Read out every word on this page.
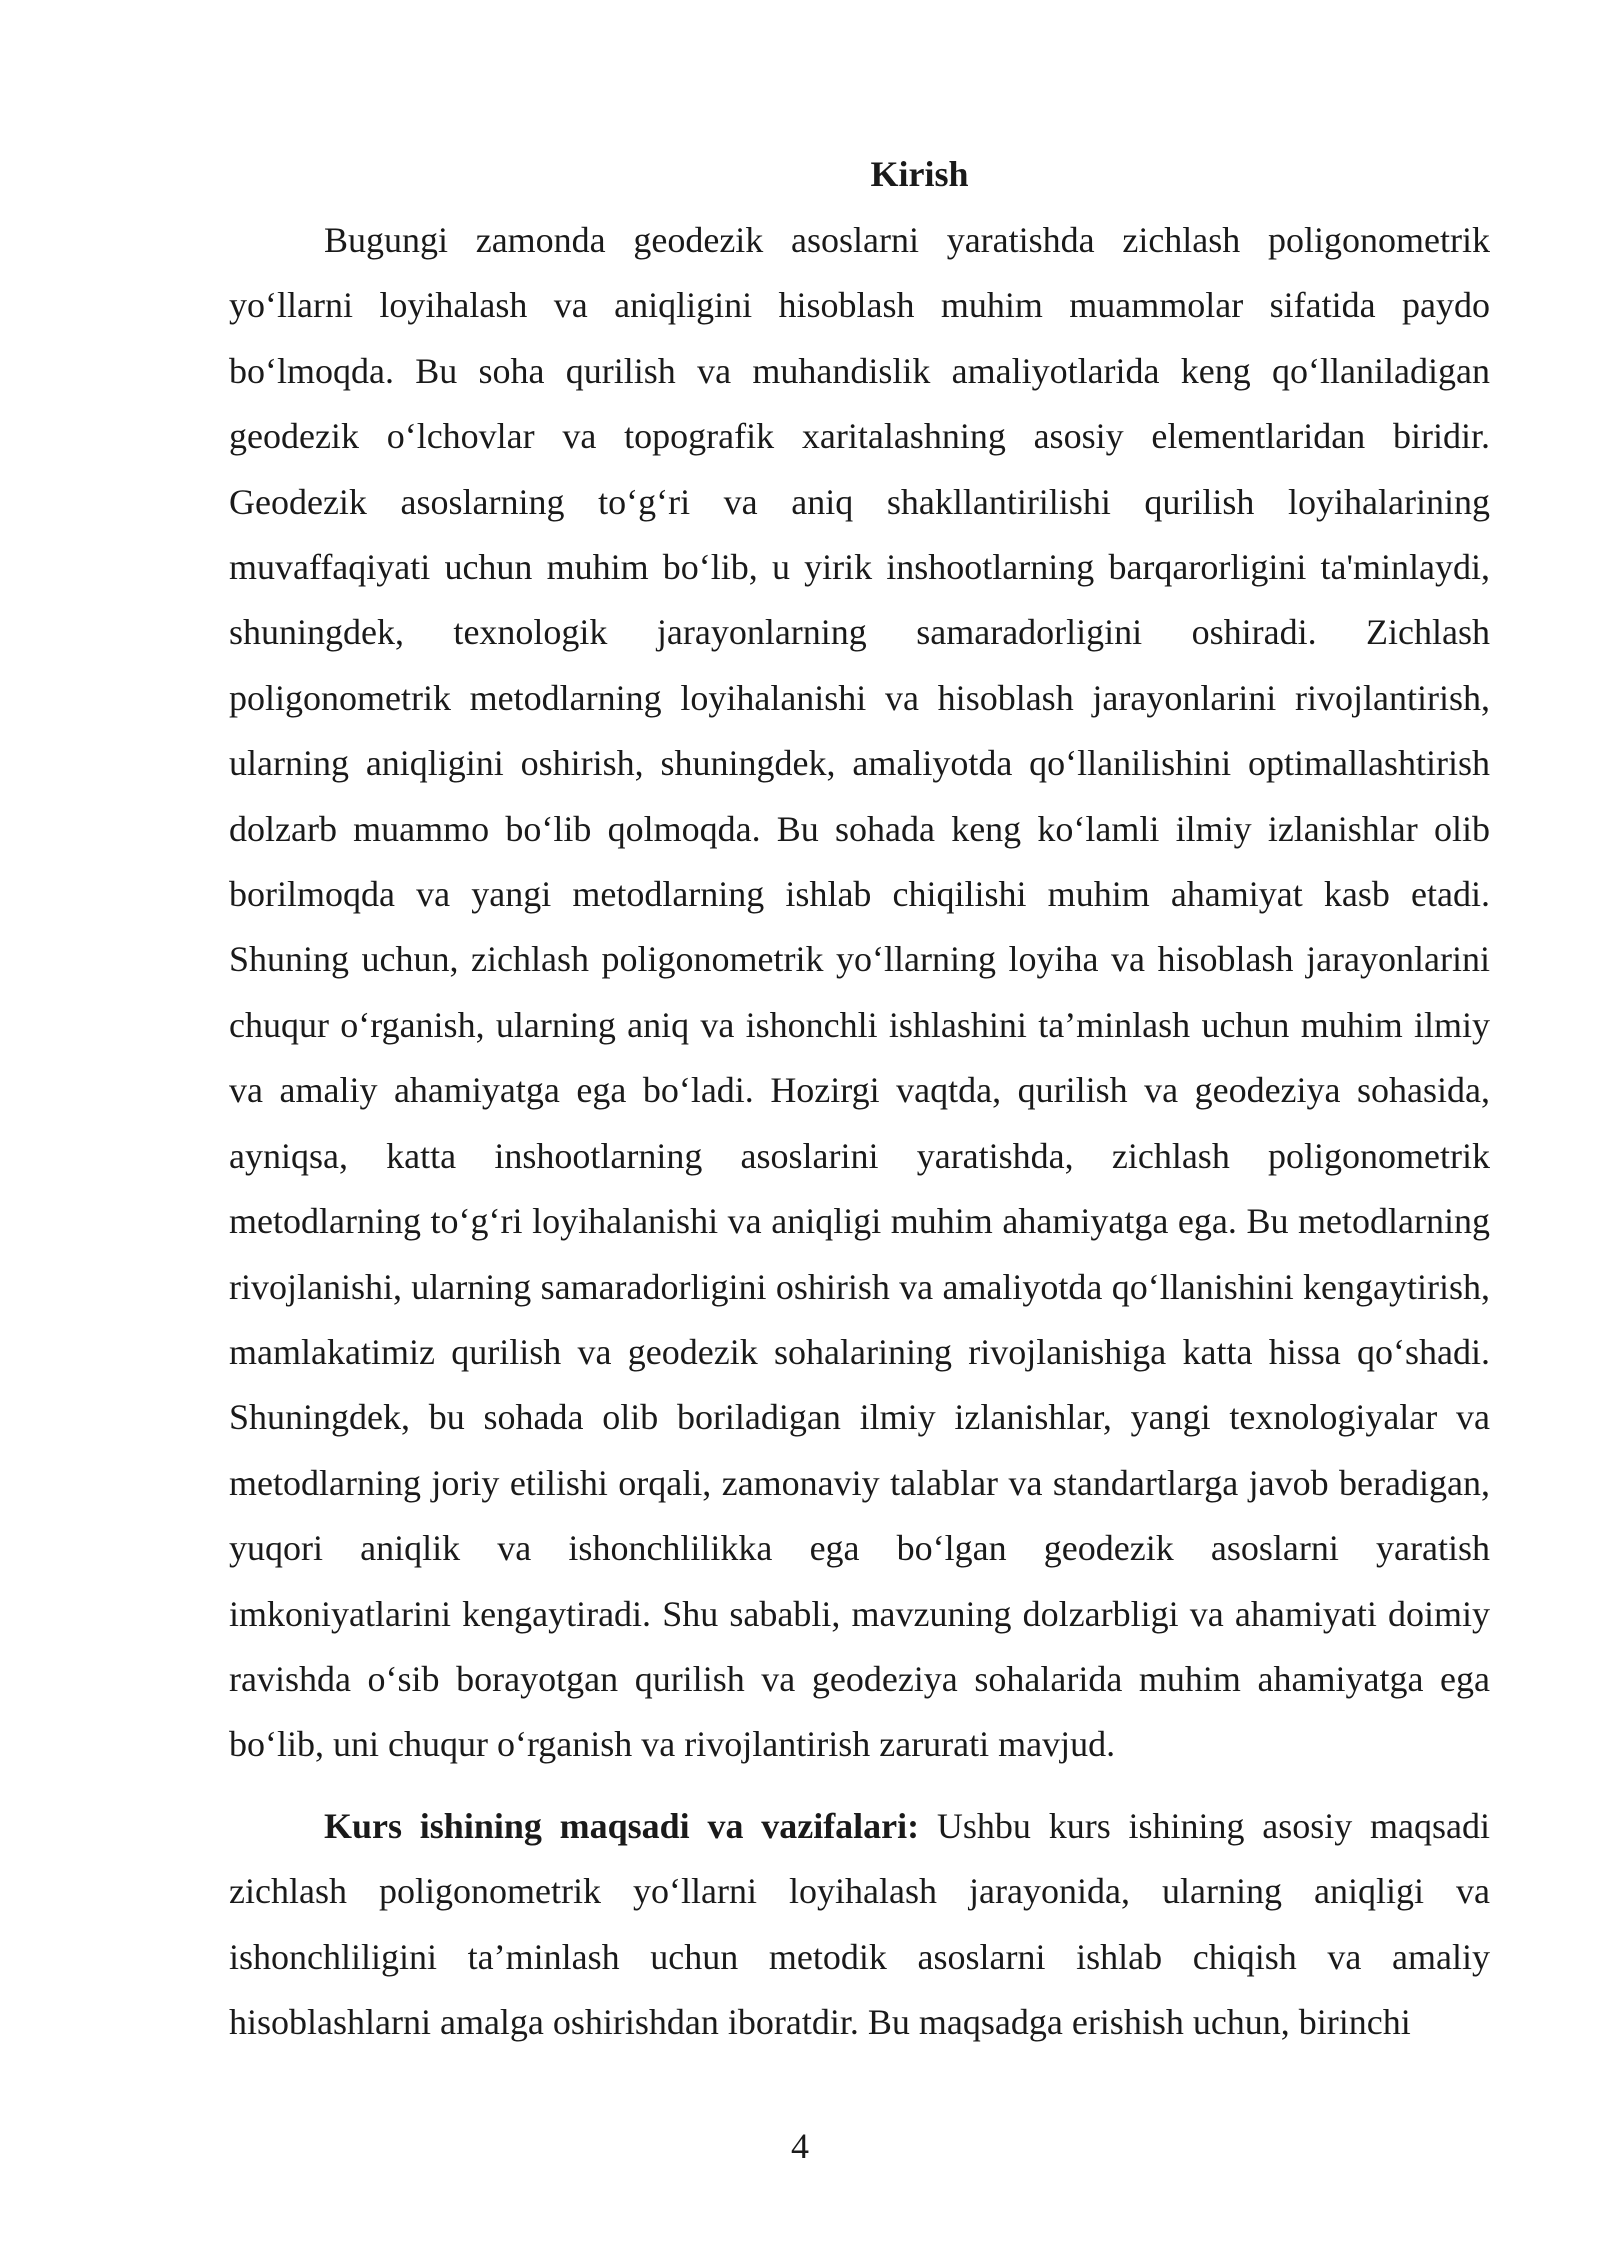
Kirish

Bugungi zamonda geodezik asoslarni yaratishda zichlash poligonometrik yo‘llarni loyihalash va aniqligini hisoblash muhim muammolar sifatida paydo bo‘lmoqda. Bu soha qurilish va muhandislik amaliyotlarida keng qo‘llaniladigan geodezik o‘lchovlar va topografik xaritalashning asosiy elementlaridan biridir. Geodezik asoslarning to‘g‘ri va aniq shakllantirilishi qurilish loyihalarining muvaffaqiyati uchun muhim bo‘lib, u yirik inshootlarning barqarorligini ta'minlaydi, shuningdek, texnologik jarayonlarning samaradorligini oshiradi. Zichlash poligonometrik metodlarning loyihalanishi va hisoblash jarayonlarini rivojlantirish, ularning aniqligini oshirish, shuningdek, amaliyotda qo‘llanilishini optimallashtirish dolzarb muammo bo‘lib qolmoqda. Bu sohada keng ko‘lamli ilmiy izlanishlar olib borilmoqda va yangi metodlarning ishlab chiqilishi muhim ahamiyat kasb etadi. Shuning uchun, zichlash poligonometrik yo‘llarning loyiha va hisoblash jarayonlarini chuqur o‘rganish, ularning aniq va ishonchli ishlashini ta’minlash uchun muhim ilmiy va amaliy ahamiyatga ega bo‘ladi. Hozirgi vaqtda, qurilish va geodeziya sohasida, ayniqsa, katta inshootlarning asoslarini yaratishda, zichlash poligonometrik metodlarning to‘g‘ri loyihalanishi va aniqligi muhim ahamiyatga ega. Bu metodlarning rivojlanishi, ularning samaradorligini oshirish va amaliyotda qo‘llanishini kengaytirish, mamlakatimiz qurilish va geodezik sohalarining rivojlanishiga katta hissa qo‘shadi. Shuningdek, bu sohada olib boriladigan ilmiy izlanishlar, yangi texnologiyalar va metodlarning joriy etilishi orqali, zamonaviy talablar va standartlarga javob beradigan, yuqori aniqlik va ishonchlilikka ega bo‘lgan geodezik asoslarni yaratish imkoniyatlarini kengaytiradi. Shu sababli, mavzuning dolzarbligi va ahamiyati doimiy ravishda o‘sib borayotgan qurilish va geodeziya sohalarida muhim ahamiyatga ega bo‘lib, uni chuqur o‘rganish va rivojlantirish zarurati mavjud.

Kurs ishining maqsadi va vazifalari: Ushbu kurs ishining asosiy maqsadi zichlash poligonometrik yo‘llarni loyihalash jarayonida, ularning aniqligi va ishonchliligini ta’minlash uchun metodik asoslarni ishlab chiqish va amaliy hisoblashlarni amalga oshirishdan iboratdir. Bu maqsadga erishish uchun, birinchi

4
